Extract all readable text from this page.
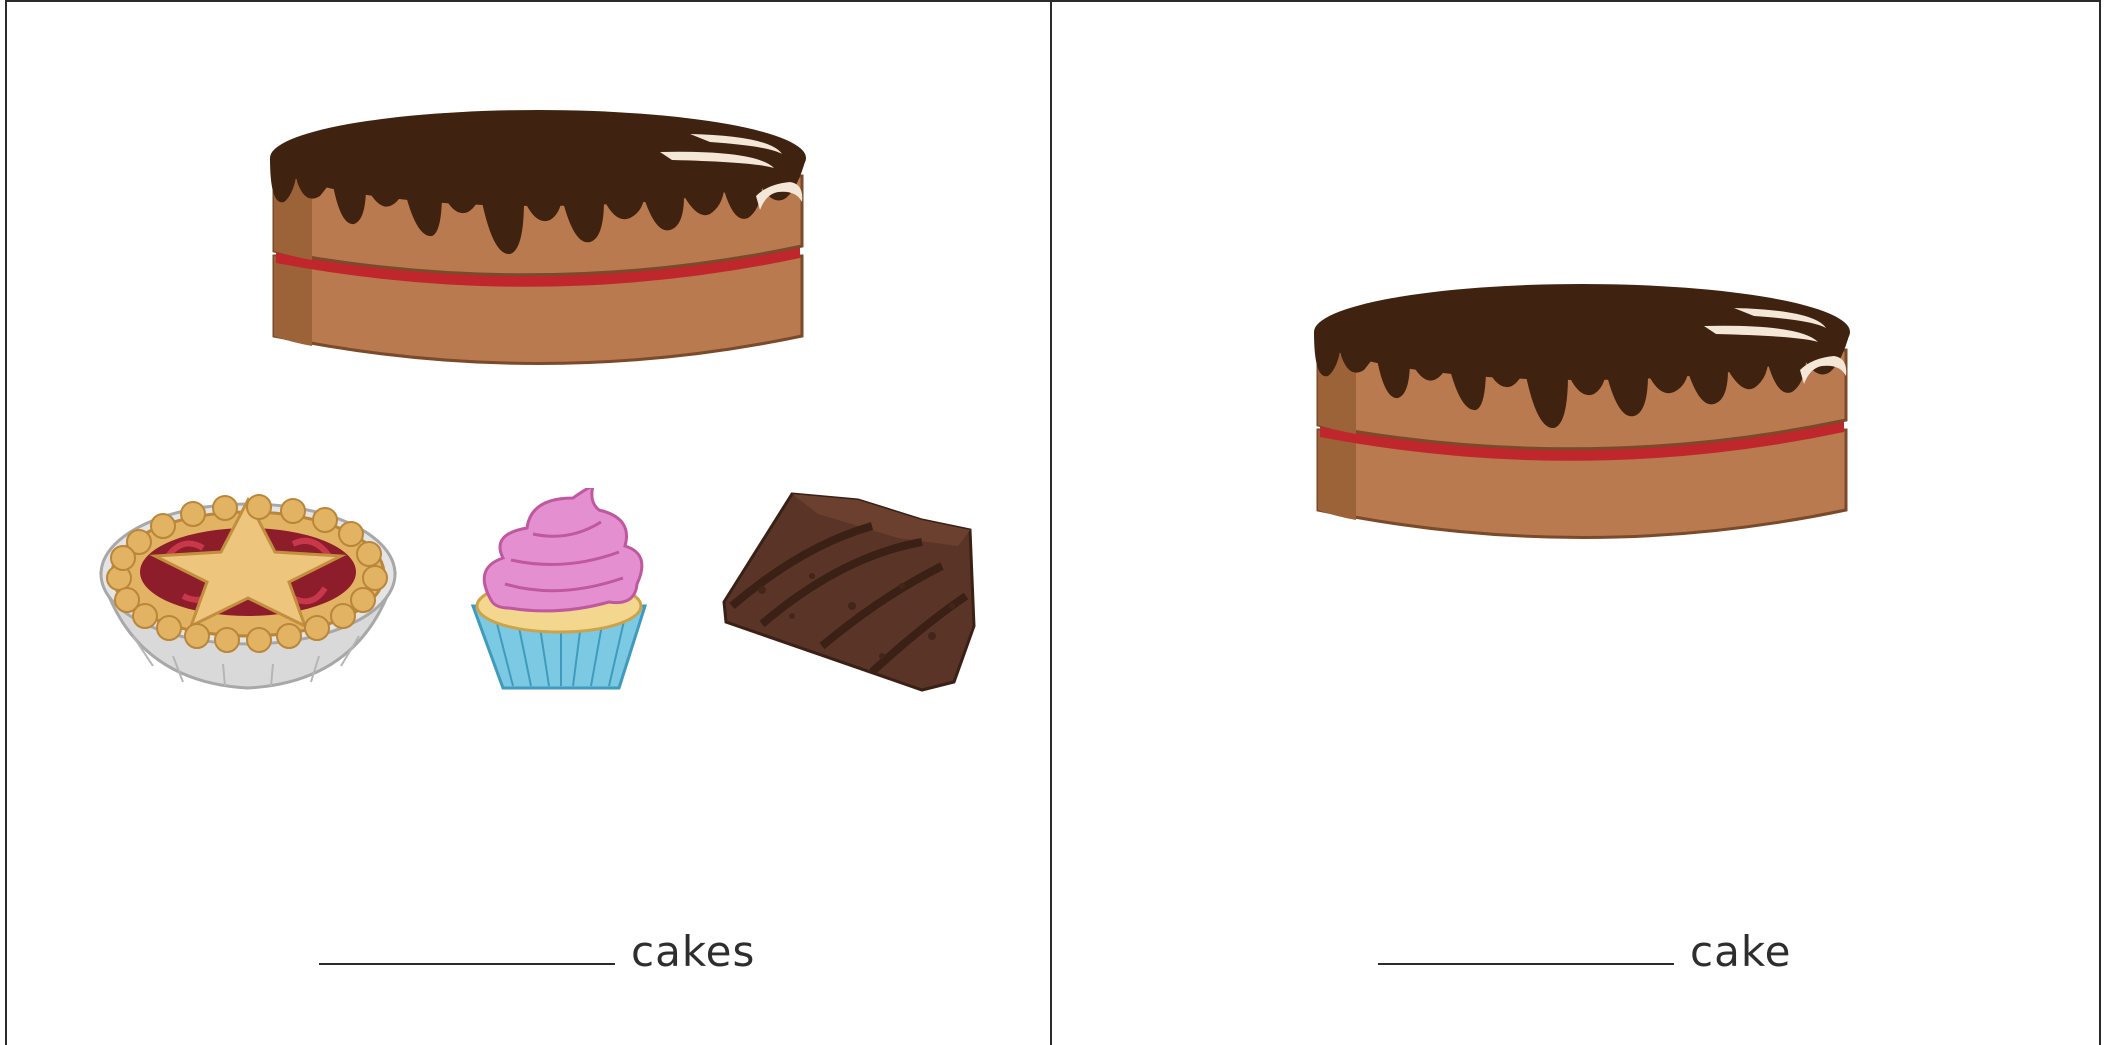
cakes	cake
